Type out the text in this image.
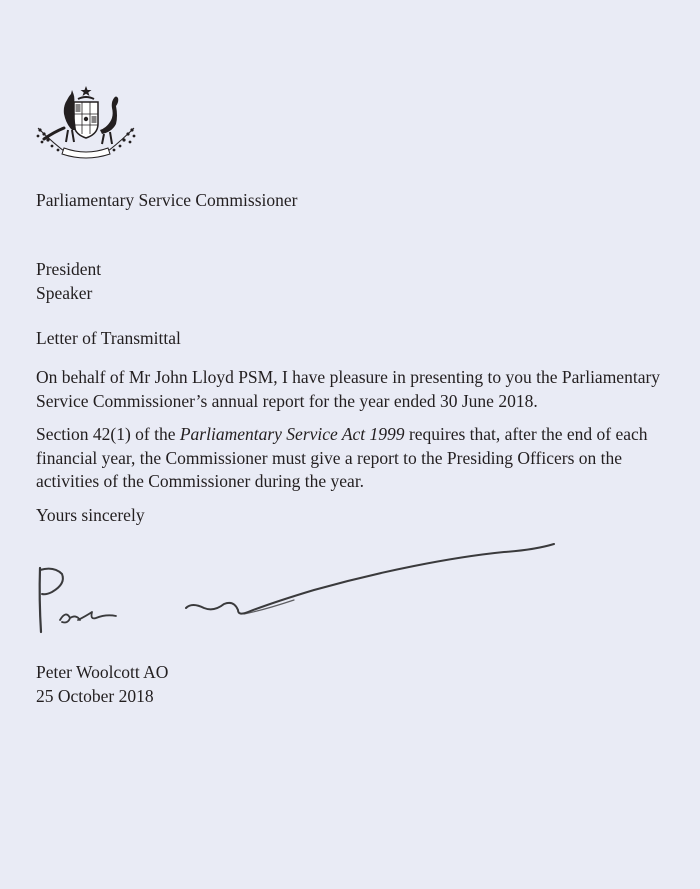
Parliamentary Service Commissioner

President
Speaker

Letter of Transmittal

On behalf of Mr John Lloyd PSM, I have pleasure in presenting to you the Parliamentary Service Commissioner’s annual report for the year ended 30 June 2018.

Section 42(1) of the Parliamentary Service Act 1999 requires that, after the end of each financial year, the Commissioner must give a report to the Presiding Officers on the activities of the Commissioner during the year.

Yours sincerely

Peter Woolcott AO
25 October 2018
